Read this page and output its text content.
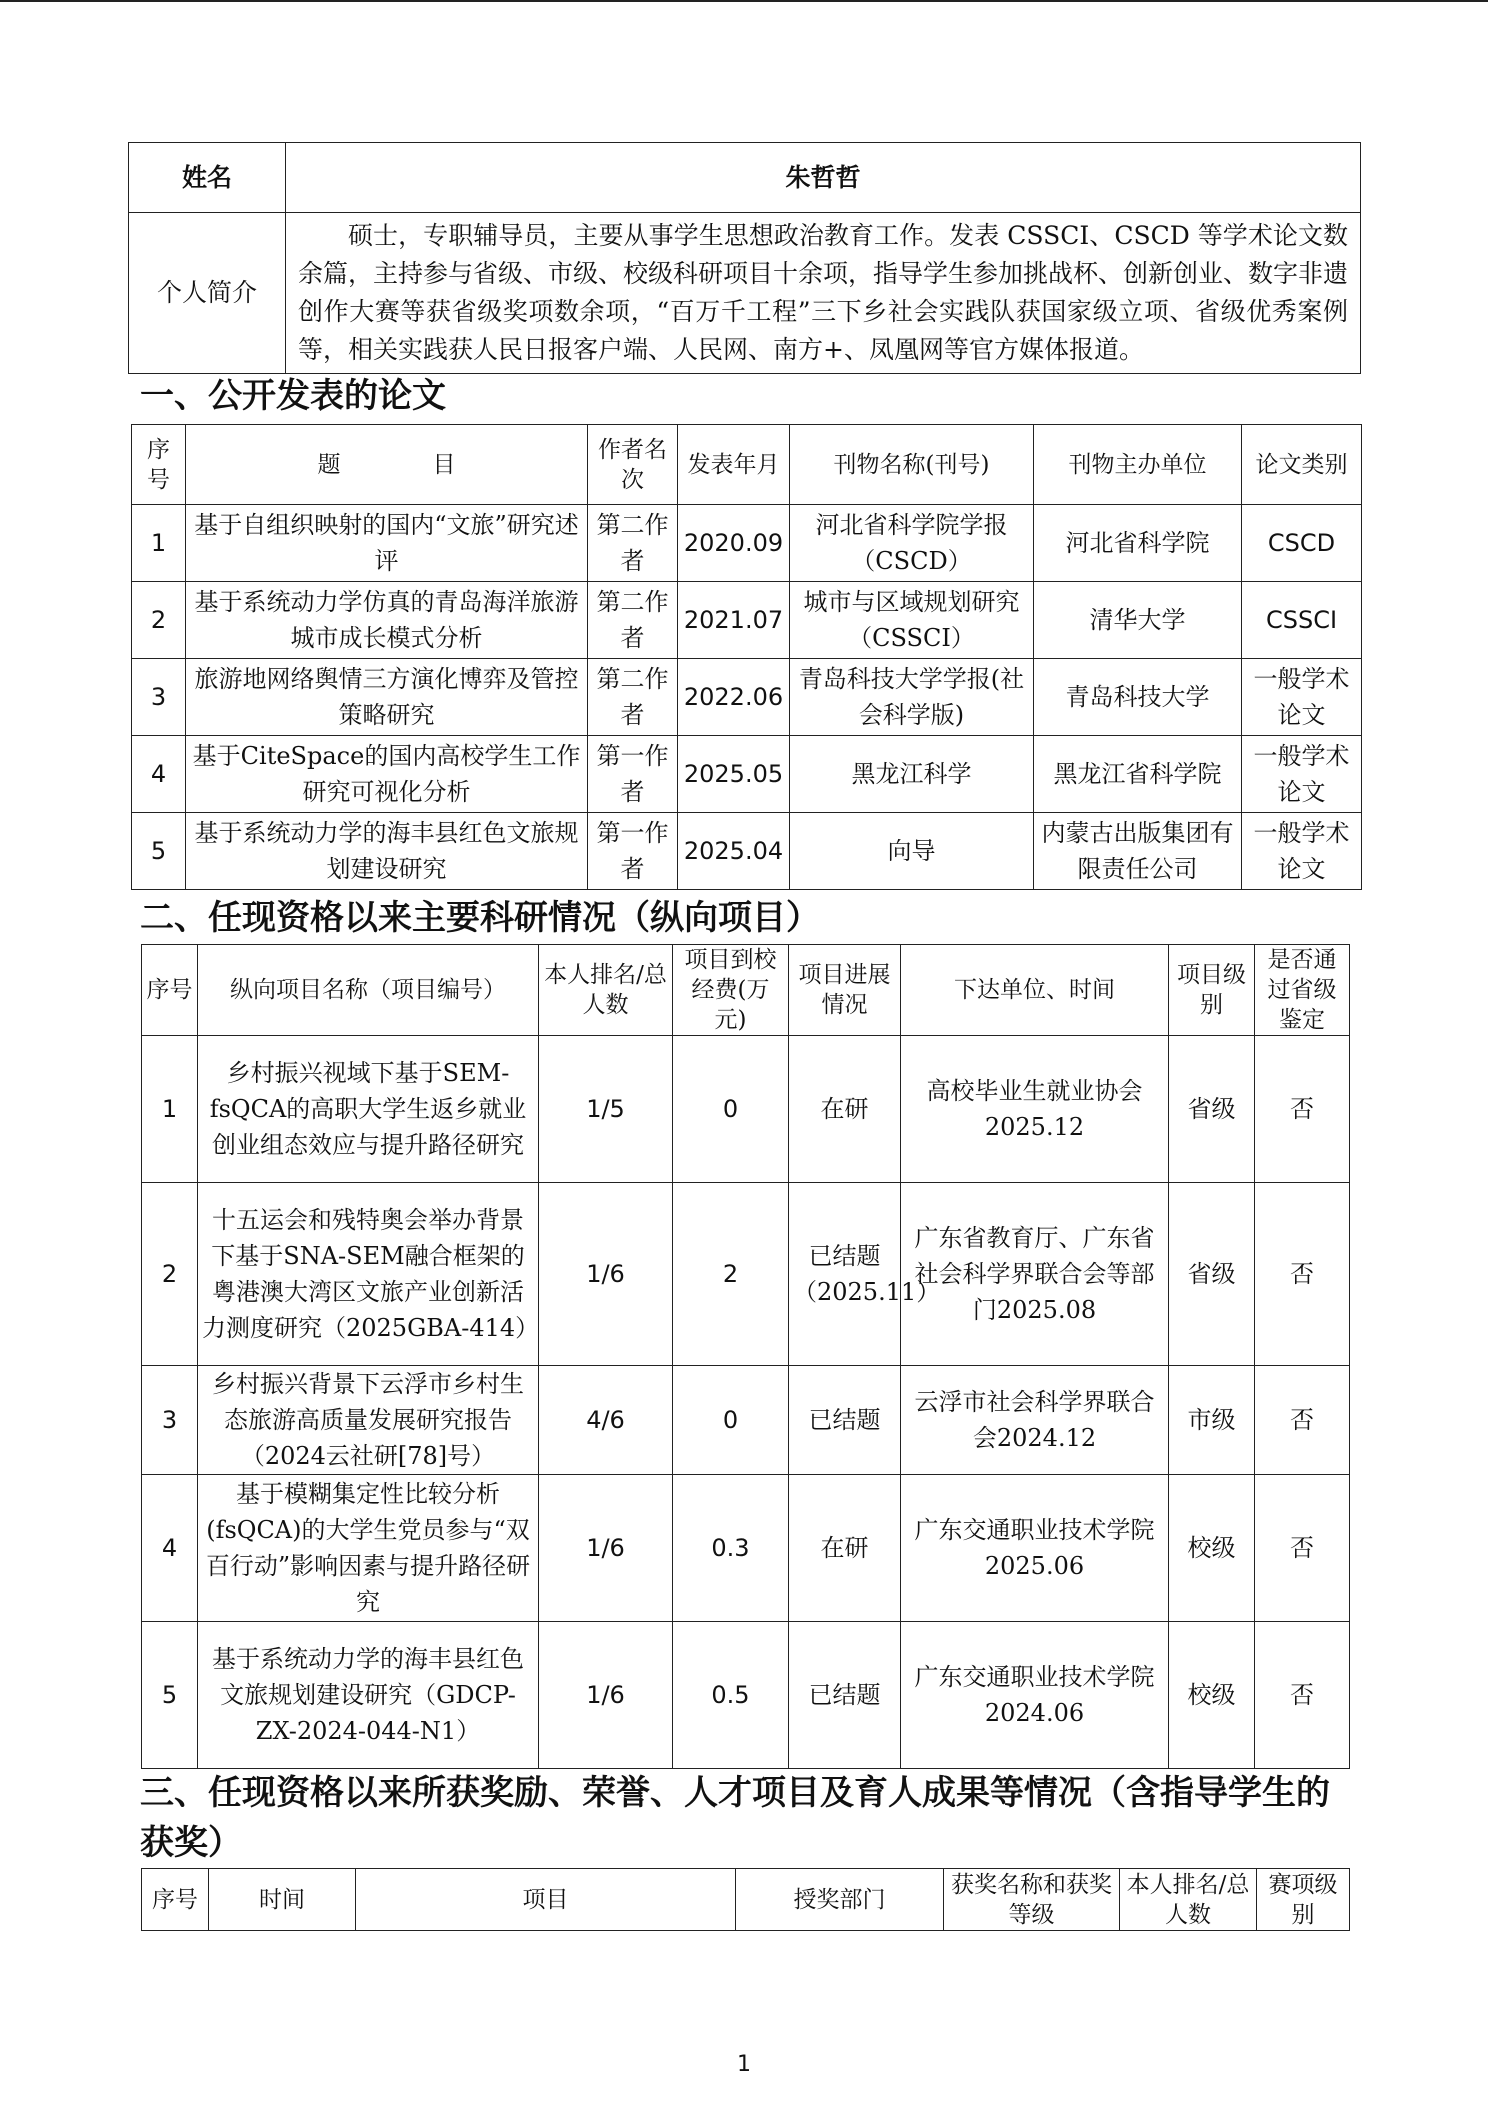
姓名	朱哲哲
个人简介	硕士，专职辅导员，主要从事学生思想政治教育工作。发表 CSSCI、CSCD 等学术论文数余篇，主持参与省级、市级、校级科研项目十余项，指导学生参加挑战杯、创新创业、数字非遗创作大赛等获省级奖项数余项，“百万千工程”三下乡社会实践队获国家级立项、省级优秀案例等，相关实践获人民日报客户端、人民网、南方+、凤凰网等官方媒体报道。
一、公开发表的论文
序号	题　　　　目	作者名次	发表年月	刊物名称(刊号)	刊物主办单位	论文类别
1	基于自组织映射的国内“文旅”研究述评	第二作者	2020.09	河北省科学院学报（CSCD）	河北省科学院	CSCD
2	基于系统动力学仿真的青岛海洋旅游城市成长模式分析	第二作者	2021.07	城市与区域规划研究（CSSCI）	清华大学	CSSCI
3	旅游地网络舆情三方演化博弈及管控策略研究	第二作者	2022.06	青岛科技大学学报(社会科学版)	青岛科技大学	一般学术论文
4	基于CiteSpace的国内高校学生工作研究可视化分析	第一作者	2025.05	黑龙江科学	黑龙江省科学院	一般学术论文
5	基于系统动力学的海丰县红色文旅规划建设研究	第一作者	2025.04	向导	内蒙古出版集团有限责任公司	一般学术论文
二、任现资格以来主要科研情况（纵向项目）
序号	纵向项目名称（项目编号）	本人排名/总人数	项目到校经费(万元)	项目进展情况	下达单位、时间	项目级别	是否通过省级鉴定
1	乡村振兴视域下基于SEM-fsQCA的高职大学生返乡就业创业组态效应与提升路径研究	1/5	0	在研	高校毕业生就业协会2025.12	省级	否
2	十五运会和残特奥会举办背景下基于SNA-SEM融合框架的粤港澳大湾区文旅产业创新活力测度研究（2025GBA-414）	1/6	2	已结题（2025.11）	广东省教育厅、广东省社会科学界联合会等部门2025.08	省级	否
3	乡村振兴背景下云浮市乡村生态旅游高质量发展研究报告（2024云社研[78]号）	4/6	0	已结题	云浮市社会科学界联合会2024.12	市级	否
4	基于模糊集定性比较分析(fsQCA)的大学生党员参与“双百行动”影响因素与提升路径研究	1/6	0.3	在研	广东交通职业技术学院2025.06	校级	否
5	基于系统动力学的海丰县红色文旅规划建设研究（GDCP-ZX-2024-044-N1）	1/6	0.5	已结题	广东交通职业技术学院2024.06	校级	否
三、任现资格以来所获奖励、荣誉、人才项目及育人成果等情况（含指导学生的获奖）
序号	时间	项目	授奖部门	获奖名称和获奖等级	本人排名/总人数	赛项级别
1
